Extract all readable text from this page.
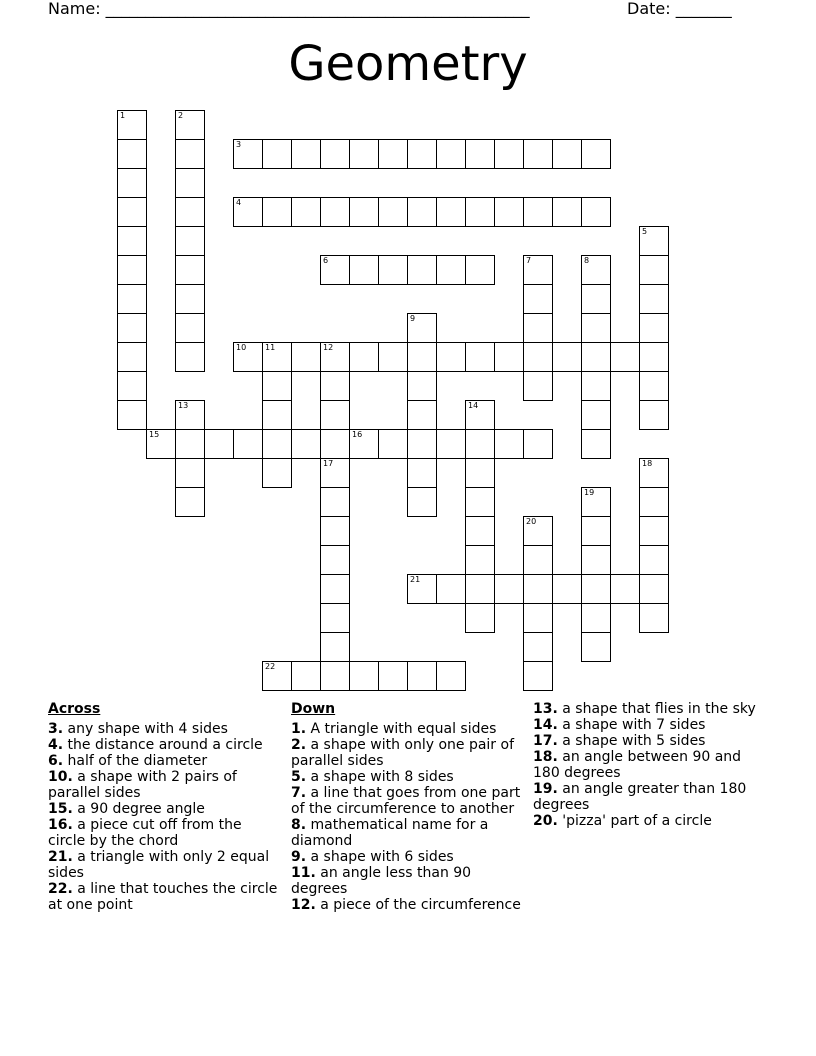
Name: _____________________________________________________	Date: _______
Geometry
1	2
3
4
5
6	7	8
9
10 11	12
13	14
15	16
17	18
19
20
21
22
Across
3. any shape with 4 sides
4. the distance around a circle
6. half of the diameter
10. a shape with 2 pairs of parallel sides
15. a 90 degree angle
16. a piece cut off from the circle by the chord
21. a triangle with only 2 equal sides
22. a line that touches the circle at one point
Down
1. A triangle with equal sides
2. a shape with only one pair of parallel sides
5. a shape with 8 sides
7. a line that goes from one part of the circumference to another
8. mathematical name for a diamond
9. a shape with 6 sides
11. an angle less than 90 degrees
12. a piece of the circumference
13. a shape that flies in the sky
14. a shape with 7 sides
17. a shape with 5 sides
18. an angle between 90 and 180 degrees
19. an angle greater than 180 degrees
20. 'pizza' part of a circle
